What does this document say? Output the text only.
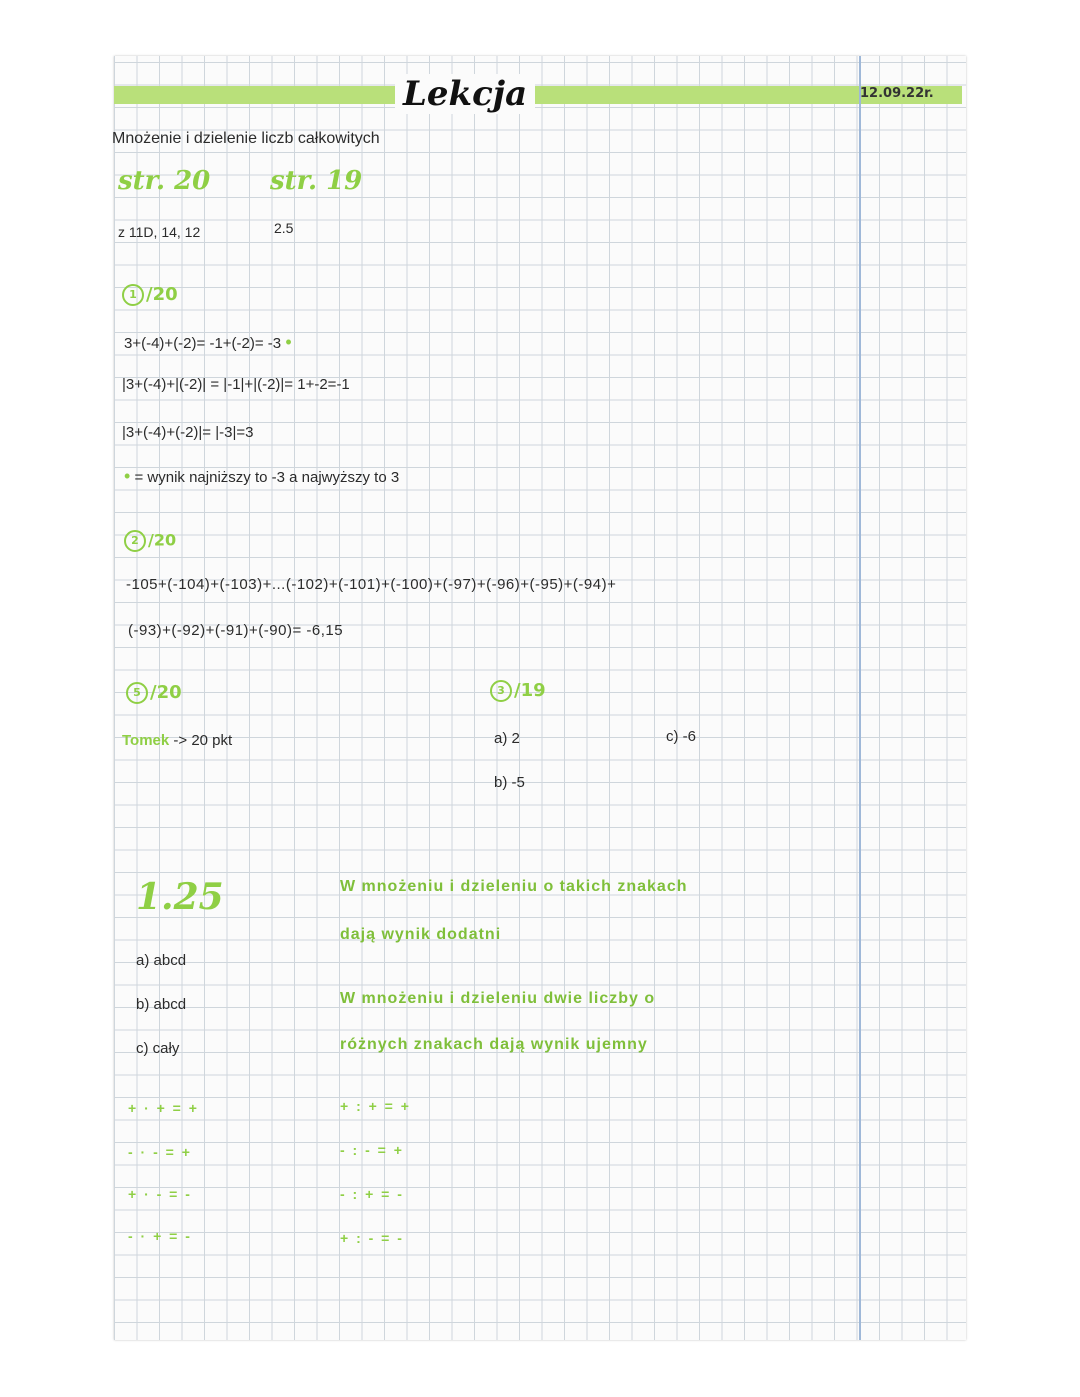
Lekcja	12.09.22r.
Mnożenie i dzielenie liczb całkowitych
str. 20 str. 19
z 11D, 14, 12	2.5
1 /20
3+(-4)+(-2)= -1+(-2)= -3 •
|3+(-4)+|(-2)| = |-1|+|(-2)|= 1+-2=-1
|3+(-4)+(-2)|= |-3|=3
• = wynik najniższy to -3 a najwyższy to 3
2 /20
-105+(-104)+(-103)+...(-102)+(-101)+(-100)+(-97)+(-96)+(-95)+(-94)+
(-93)+(-92)+(-91)+(-90)= -6,15
5 /20
Tomek -> 20 pkt
3 /19
a) 2
b) -5
c) -6
1.25
a) abcd
b) abcd
c) cały
W mnożeniu i dzieleniu o takich znakach
dają wynik dodatni
W mnożeniu i dzieleniu dwie liczby o
różnych znakach dają wynik ujemny
+ · + = +
- · - = +
+ · - = -
- · + = -
+ : + = +
- : - = +
- : + = -
+ : - = -
